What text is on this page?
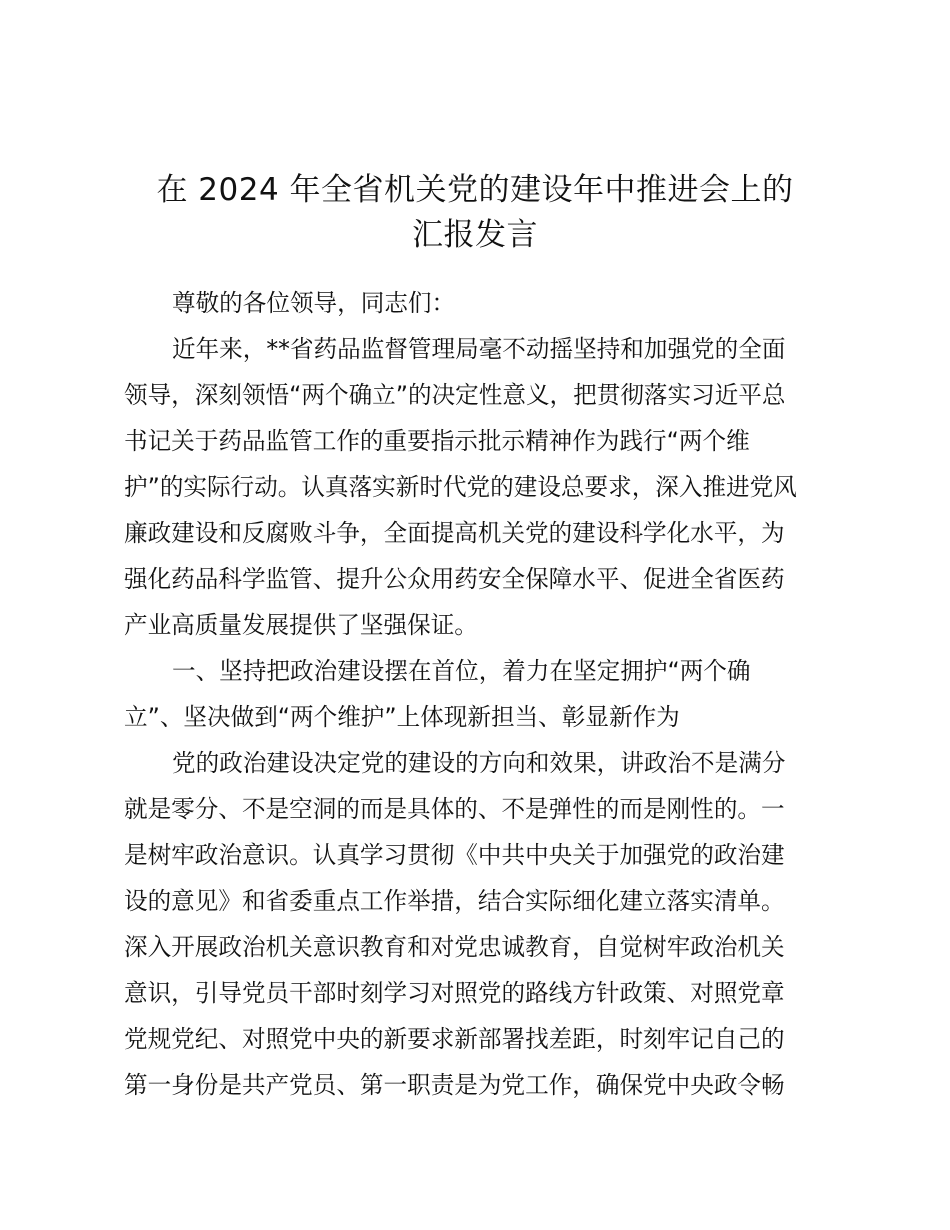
在 2024 年全省机关党的建设年中推进会上的
汇报发言
尊敬的各位领导，同志们：
近年来，**省药品监督管理局毫不动摇坚持和加强党的全面
领导，深刻领悟“两个确立”的决定性意义，把贯彻落实习近平总
书记关于药品监管工作的重要指示批示精神作为践行“两个维
护”的实际行动。认真落实新时代党的建设总要求，深入推进党风
廉政建设和反腐败斗争，全面提高机关党的建设科学化水平，为
强化药品科学监管、提升公众用药安全保障水平、促进全省医药
产业高质量发展提供了坚强保证。
一、坚持把政治建设摆在首位，着力在坚定拥护“两个确
立”、坚决做到“两个维护”上体现新担当、彰显新作为
党的政治建设决定党的建设的方向和效果，讲政治不是满分
就是零分、不是空洞的而是具体的、不是弹性的而是刚性的。一
是树牢政治意识。认真学习贯彻《中共中央关于加强党的政治建
设的意见》和省委重点工作举措，结合实际细化建立落实清单。
深入开展政治机关意识教育和对党忠诚教育，自觉树牢政治机关
意识，引导党员干部时刻学习对照党的路线方针政策、对照党章
党规党纪、对照党中央的新要求新部署找差距，时刻牢记自己的
第一身份是共产党员、第一职责是为党工作，确保党中央政令畅
